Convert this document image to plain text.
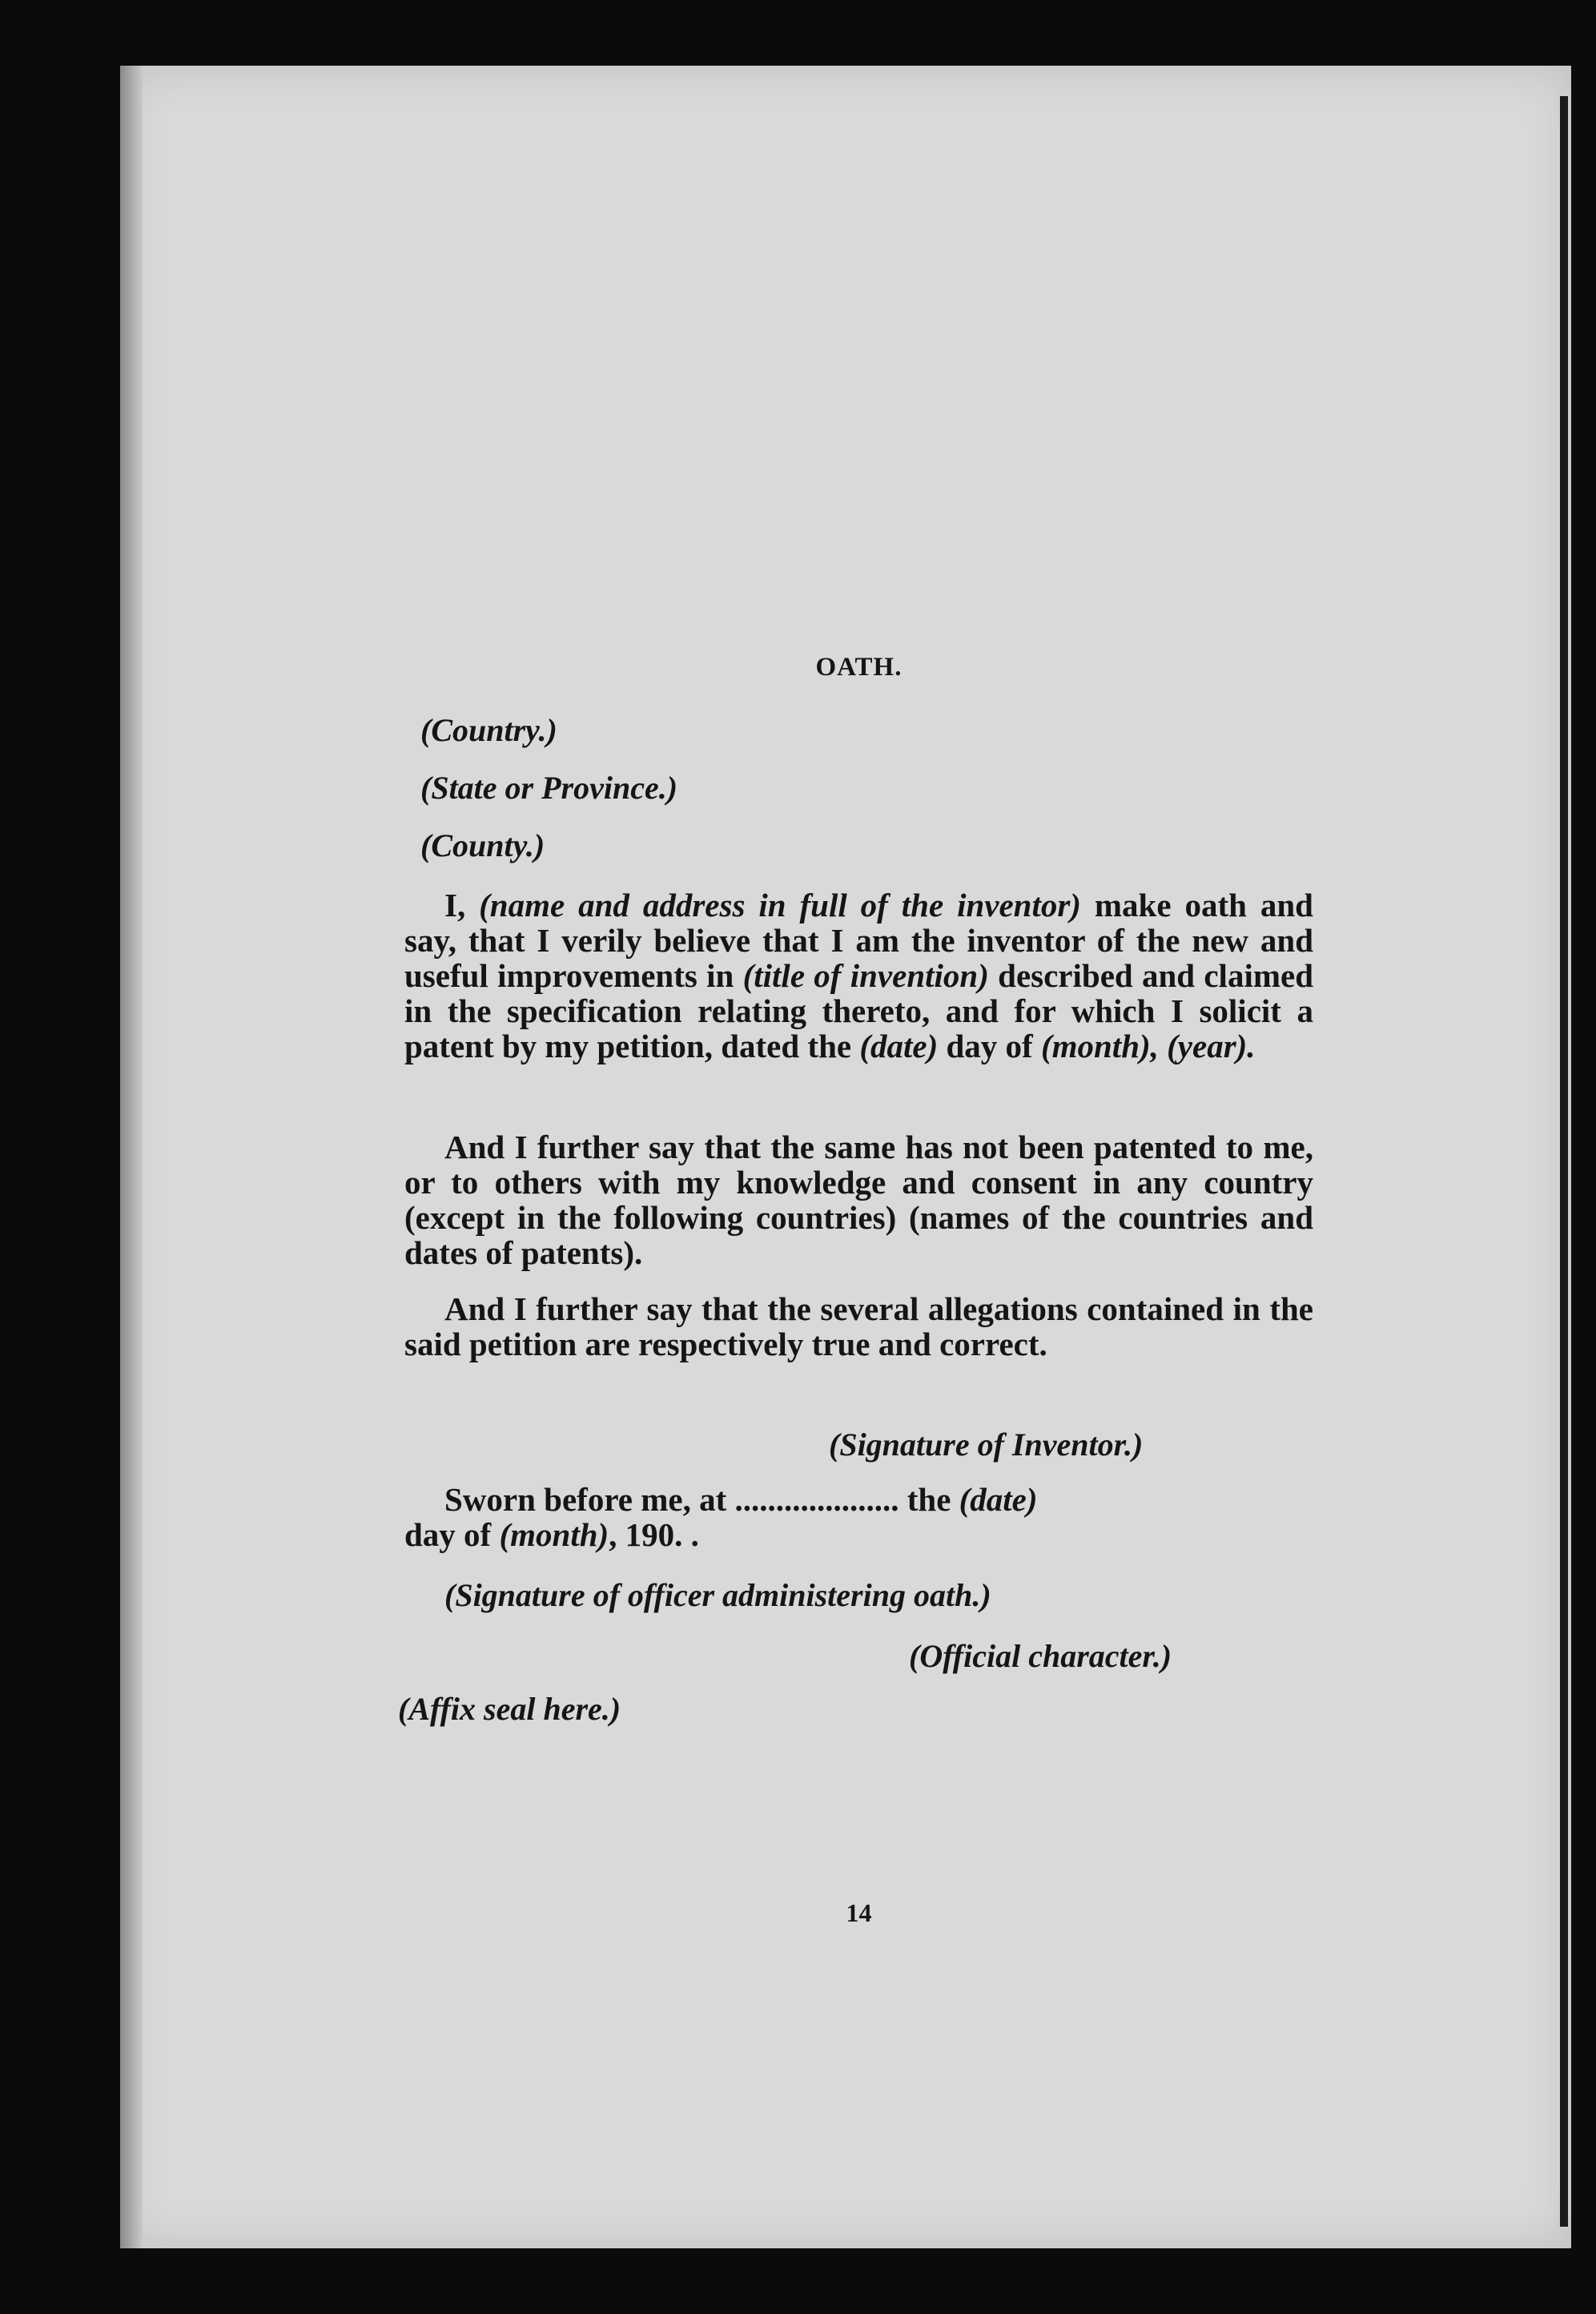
OATH.
(Country.)
(State or Province.)
(County.)
I, (name and address in full of the inventor) make oath and say, that I verily believe that I am the inventor of the new and useful improvements in (title of invention) described and claimed in the specification relating thereto, and for which I solicit a patent by my petition, dated the (date) day of (month), (year).
And I further say that the same has not been patented to me, or to others with my knowledge and consent in any country (except in the following countries) (names of the countries and dates of patents).
And I further say that the several allegations contained in the said petition are respectively true and correct.
(Signature of Inventor.)
Sworn before me, at .................... the (date)
day of (month), 190. .
(Signature of officer administering oath.)
(Official character.)
(Affix seal here.)
14
